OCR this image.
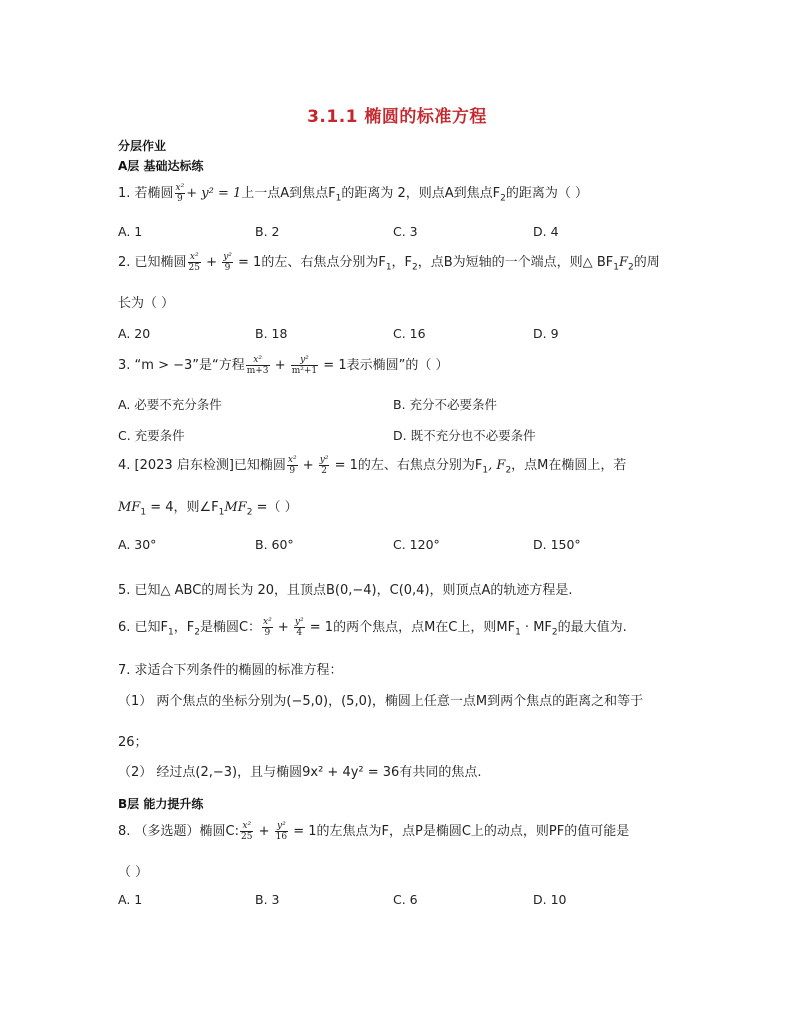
3.1.1 椭圆的标准方程
分层作业
A层 基础达标练
1. 若椭圆 $\frac{\text{x²}}{9} + y^2 = 1$上一点A到焦点$F_1$的距离为 2，则点A到焦点$F_2$的距离为（ ）
A. 1	B. 2	C. 3	D. 4
2. 已知椭圆 $\frac{\text{x²}}{25} + \frac{\text{y²}}{9} = 1$的左、右焦点分别为$F_1$，$F_2$，点B为短轴的一个端点，则△ $BF_1F_2$的周
长为（ ）
A. 20	B. 18	C. 16	D. 9
3. “m > −3”是“方程 $\frac{\text{x²}}{m+3} + \frac{\text{y²}}{\text{m²+1}} = 1$表示椭圆”的（ ）
A. 必要不充分条件	B. 充分不必要条件
C. 充要条件	D. 既不充分也不必要条件
4. [2023 启东检测]已知椭圆 $\frac{\text{x²}}{9} + \frac{\text{y²}}{2} = 1$的左、右焦点分别为$F_1$, $F_2$，点M在椭圆上，若
$MF_1 = 4$，则$\angle F_1MF_2$ =（ ）
A. 30°	B. 60°	C. 120°	D. 150°
5. 已知△ ABC的周长为 20，且顶点B(0,−4)，C(0,4)，则顶点A的轨迹方程是.
6. 已知$F_1$，$F_2$是椭圆C： $\frac{\text{x²}}{9} + \frac{\text{y²}}{4} = 1$的两个焦点，点M在C上，则$MF_1 \cdot MF_2$的最大值为.
7. 求适合下列条件的椭圆的标准方程：
（1） 两个焦点的坐标分别为(−5,0)，(5,0)，椭圆上任意一点M到两个焦点的距离之和等于
26；
（2） 经过点(2,−3)，且与椭圆9x² + 4y² = 36有共同的焦点.
B层 能力提升练
8. （多选题）椭圆C: $\frac{\text{x²}}{25} + \frac{\text{y²}}{16} = 1$的左焦点为F，点P是椭圆C上的动点，则PF的值可能是
（ ）
A. 1	B. 3	C. 6	D. 10
